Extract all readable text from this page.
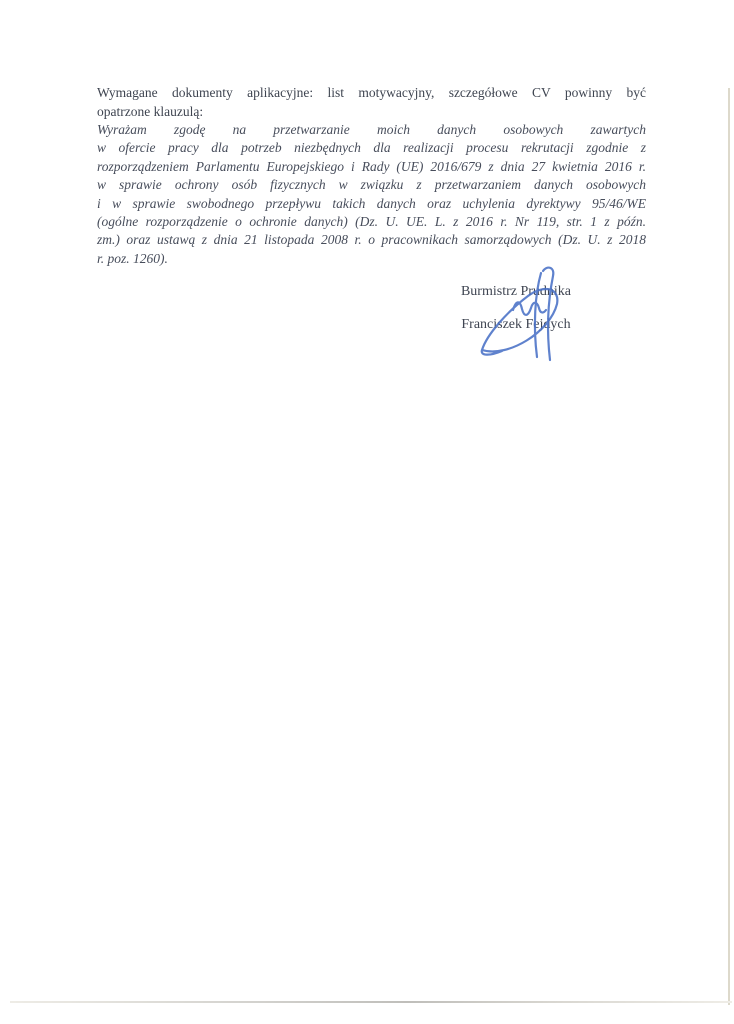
Wymagane dokumenty aplikacyjne: list motywacyjny, szczegółowe CV powinny być
opatrzone klauzulą:
Wyrażam zgodę na przetwarzanie moich danych osobowych zawartych
w ofercie pracy dla potrzeb niezbędnych dla realizacji procesu rekrutacji zgodnie z
rozporządzeniem Parlamentu Europejskiego i Rady (UE) 2016/679 z dnia 27 kwietnia 2016 r.
w sprawie ochrony osób fizycznych w związku z przetwarzaniem danych osobowych
i w sprawie swobodnego przepływu takich danych oraz uchylenia dyrektywy 95/46/WE
(ogólne rozporządzenie o ochronie danych) (Dz. U. UE. L. z 2016 r. Nr 119, str. 1 z późn.
zm.) oraz ustawą z dnia 21 listopada 2008 r. o pracownikach samorządowych (Dz. U. z 2018
r. poz. 1260).
Burmistrz Prudnika
Franciszek Fejdych
